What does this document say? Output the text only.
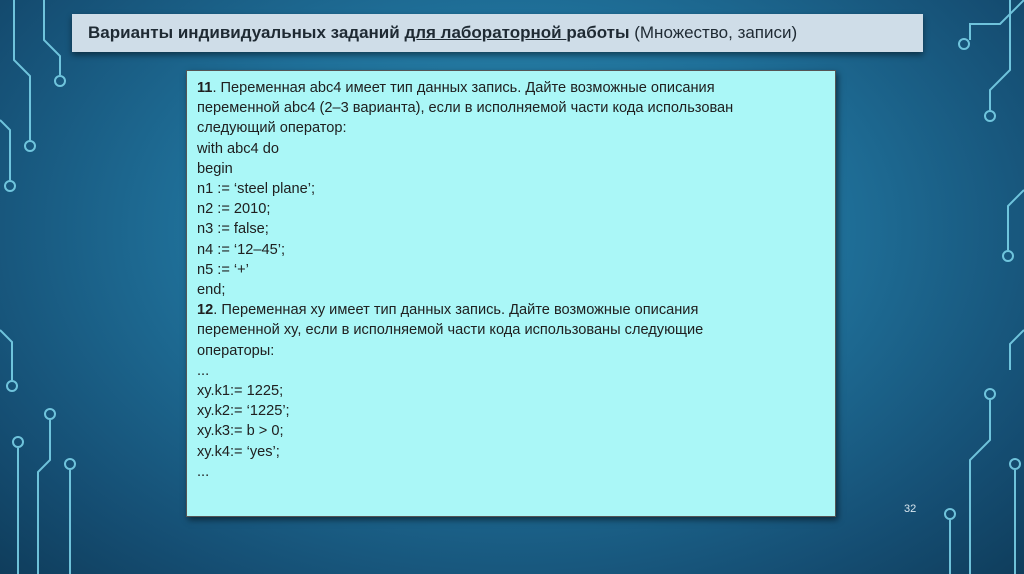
Варианты индивидуальных заданий для лабораторной работы (Множество, записи)
11. Переменная abc4 имеет тип данных запись. Дайте возможные описания
переменной abc4 (2–3 варианта), если в исполняемой части кода использован
следующий оператор:
with abc4 do
begin
n1 := ‘steel plane’;
n2 := 2010;
n3 := false;
n4 := ‘12–45’;
n5 := ‘+’
end;
12. Переменная xy имеет тип данных запись. Дайте возможные описания
переменной xy, если в исполняемой части кода использованы следующие
операторы:
...
xy.k1:= 1225;
xy.k2:= ‘1225’;
xy.k3:= b > 0;
xy.k4:= ‘yes’;
...
32
